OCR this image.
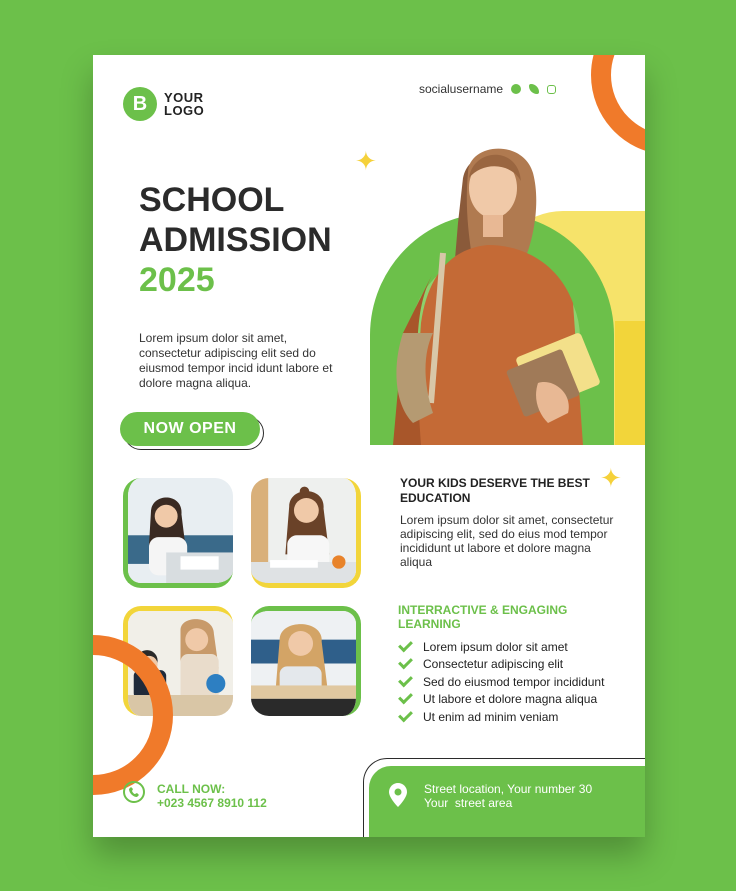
B	YOUR LOGO
socialusername
SCHOOL
ADMISSION
2025
Lorem ipsum dolor sit amet, consectetur adipiscing elit sed do eiusmod tempor incid idunt labore et dolore magna aliqua.
NOW OPEN
✦
✦
YOUR KIDS DESERVE THE BEST EDUCATION
Lorem ipsum dolor sit amet, consectetur adipiscing elit, sed do eius mod tempor incididunt ut labore et dolore magna aliqua
INTERRACTIVE & ENGAGING LEARNING
Lorem ipsum dolor sit amet
Consectetur adipiscing elit
Sed do eiusmod tempor incididunt
Ut labore et dolore magna aliqua
Ut enim ad minim veniam
CALL NOW:
+023 4567 8910 112
Street location, Your number 30
Your  street area
